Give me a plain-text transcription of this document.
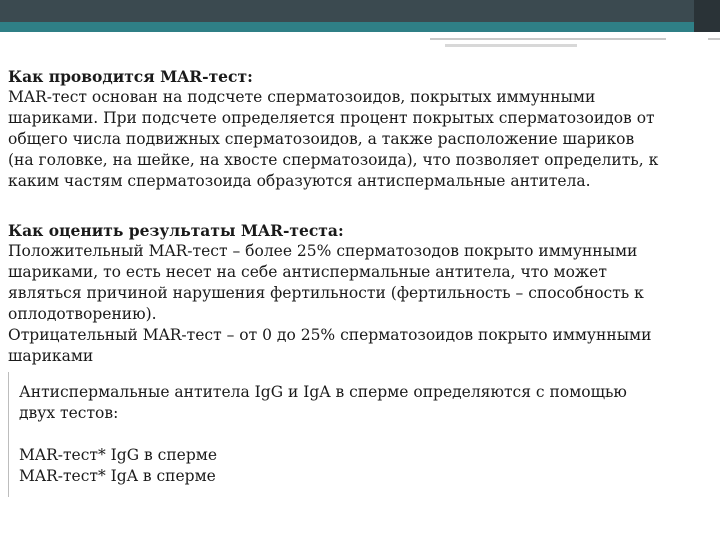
Как проводится MAR-тест:
MAR-тест основан на подсчете сперматозоидов, покрытых иммунными
шариками. При подсчете определяется процент покрытых сперматозоидов от
общего числа подвижных сперматозоидов, а также расположение шариков
(на головке, на шейке, на хвосте сперматозоида), что позволяет определить, к
каким частям сперматозоида образуются антиспермальные антитела.
Как оценить результаты MAR-теста:
Положительный MAR-тест – более 25% сперматозодов покрыто иммунными
шариками, то есть несет на себе антиспермальные антитела, что может
являться причиной нарушения фертильности (фертильность – способность к
оплодотворению).
Отрицательный MAR-тест – от 0 до 25% сперматозоидов покрыто иммунными
шариками
Антиспермальные антитела IgG и IgA в сперме определяются с помощью
двух тестов:
MAR-тест* IgG в сперме
MAR-тест* IgA в сперме
